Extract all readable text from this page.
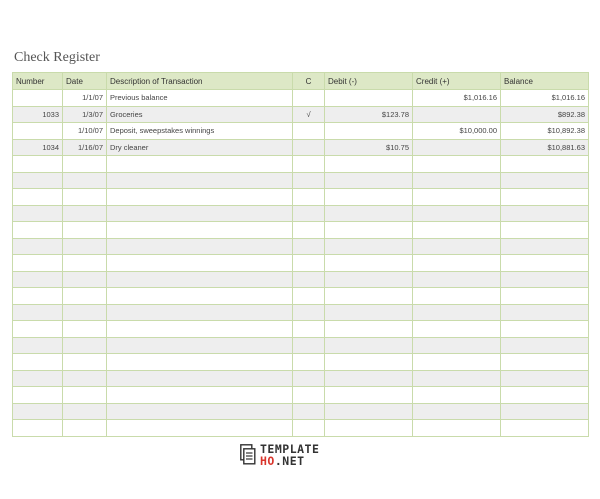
Check Register
Number	Date	Description of Transaction	C	Debit (-)	Credit (+)	Balance
	1/1/07	Previous balance			$1,016.16	$1,016.16
1033	1/3/07	Groceries	√	$123.78		$892.38
	1/10/07	Deposit, sweepstakes winnings			$10,000.00	$10,892.38
1034	1/16/07	Dry cleaner		$10.75		$10,881.63

TEMPLATE
HO.NET
